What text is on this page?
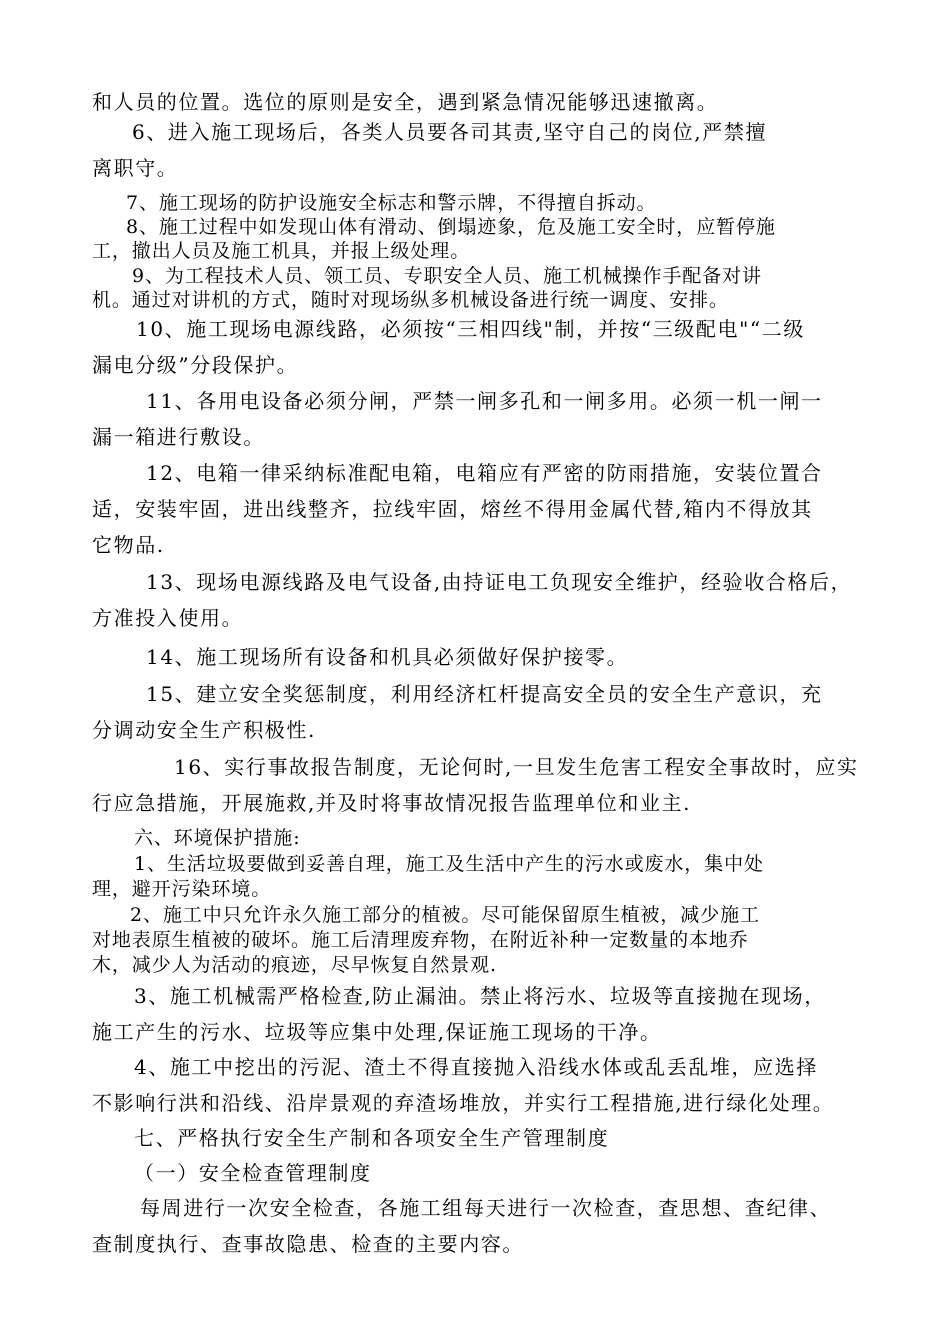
和人员的位置。选位的原则是安全，遇到紧急情况能够迅速撤离。
6、进入施工现场后，各类人员要各司其责,坚守自己的岗位,严禁擅
离职守。
7、施工现场的防护设施安全标志和警示牌，不得擅自拆动。
8、施工过程中如发现山体有滑动、倒塌迹象，危及施工安全时，应暂停施
工，撤出人员及施工机具，并报上级处理。
9、为工程技术人员、领工员、专职安全人员、施工机械操作手配备对讲
机。通过对讲机的方式，随时对现场纵多机械设备进行统一调度、安排。
10、施工现场电源线路，必须按“三相四线"制，并按“三级配电"“二级
漏电分级”分段保护。
11、各用电设备必须分闸，严禁一闸多孔和一闸多用。必须一机一闸一
漏一箱进行敷设。
12、电箱一律采纳标准配电箱，电箱应有严密的防雨措施，安装位置合
适，安装牢固，进出线整齐，拉线牢固，熔丝不得用金属代替,箱内不得放其
它物品.
13、现场电源线路及电气设备,由持证电工负现安全维护，经验收合格后，
方准投入使用。
14、施工现场所有设备和机具必须做好保护接零。
15、建立安全奖惩制度，利用经济杠杆提高安全员的安全生产意识，充
分调动安全生产积极性.
16、实行事故报告制度，无论何时,一旦发生危害工程安全事故时，应实
行应急措施，开展施救,并及时将事故情况报告监理单位和业主.
六、环境保护措施:
1、生活垃圾要做到妥善自理，施工及生活中产生的污水或废水，集中处
理，避开污染环境。
2、施工中只允许永久施工部分的植被。尽可能保留原生植被，减少施工
对地表原生植被的破坏。施工后清理废弃物，在附近补种一定数量的本地乔
木，减少人为活动的痕迹，尽早恢复自然景观.
3、施工机械需严格检查,防止漏油。禁止将污水、垃圾等直接抛在现场，
施工产生的污水、垃圾等应集中处理,保证施工现场的干净。
4、施工中挖出的污泥、渣土不得直接抛入沿线水体或乱丢乱堆，应选择
不影响行洪和沿线、沿岸景观的弃渣场堆放，并实行工程措施,进行绿化处理。
七、严格执行安全生产制和各项安全生产管理制度
（一）安全检查管理制度
每周进行一次安全检查，各施工组每天进行一次检查，查思想、查纪律、
查制度执行、查事故隐患、检查的主要内容。
